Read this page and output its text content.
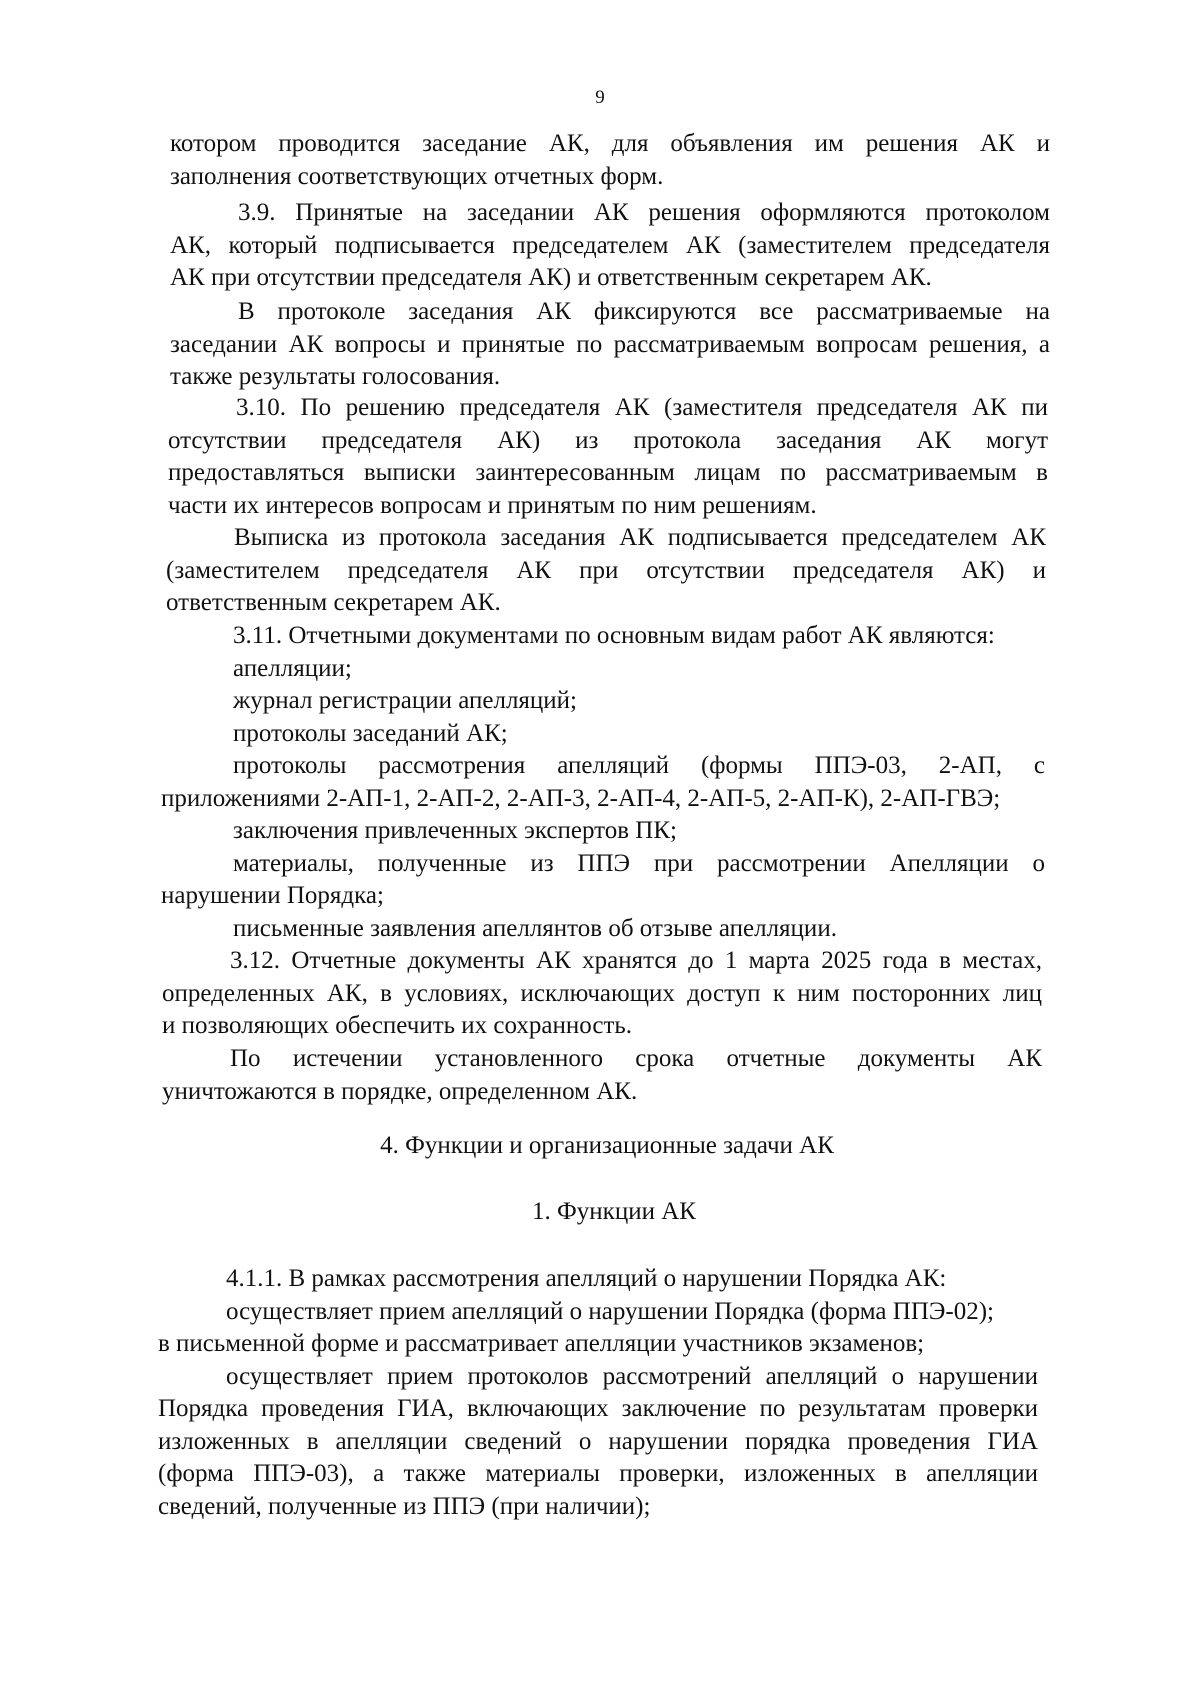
9

котором проводится заседание АК, для объявления им решения АК и
заполнения соответствующих отчетных форм.
3.9. Принятые на заседании АК решения оформляются протоколом
АК, который подписывается председателем АК (заместителем председателя
АК при отсутствии председателя АК) и ответственным секретарем АК.
В протоколе заседания АК фиксируются все рассматриваемые на
заседании АК вопросы и принятые по рассматриваемым вопросам решения, а
также результаты голосования.
3.10. По решению председателя АК (заместителя председателя АК пи
отсутствии председателя АК) из протокола заседания АК могут
предоставляться выписки заинтересованным лицам по рассматриваемым в
части их интересов вопросам и принятым по ним решениям.
Выписка из протокола заседания АК подписывается председателем АК
(заместителем председателя АК при отсутствии председателя АК) и
ответственным секретарем АК.
3.11. Отчетными документами по основным видам работ АК являются:
апелляции;
журнал регистрации апелляций;
протоколы заседаний АК;
протоколы рассмотрения апелляций (формы ППЭ-03, 2-АП, с
приложениями 2-АП-1, 2-АП-2, 2-АП-3, 2-АП-4, 2-АП-5, 2-АП-К), 2-АП-ГВЭ;
заключения привлеченных экспертов ПК;
материалы, полученные из ППЭ при рассмотрении Апелляции о
нарушении Порядка;
письменные заявления апеллянтов об отзыве апелляции.
3.12. Отчетные документы АК хранятся до 1 марта 2025 года в местах,
определенных АК, в условиях, исключающих доступ к ним посторонних лиц
и позволяющих обеспечить их сохранность.
По истечении установленного срока отчетные документы АК
уничтожаются в порядке, определенном АК.

4. Функции и организационные задачи АК

1. Функции АК

4.1.1. В рамках рассмотрения апелляций о нарушении Порядка АК:
осуществляет прием апелляций о нарушении Порядка (форма ППЭ-02);
в письменной форме и рассматривает апелляции участников экзаменов;
осуществляет прием протоколов рассмотрений апелляций о нарушении
Порядка проведения ГИА, включающих заключение по результатам проверки
изложенных в апелляции сведений о нарушении порядка проведения ГИА
(форма ППЭ-03), а также материалы проверки, изложенных в апелляции
сведений, полученные из ППЭ (при наличии);
